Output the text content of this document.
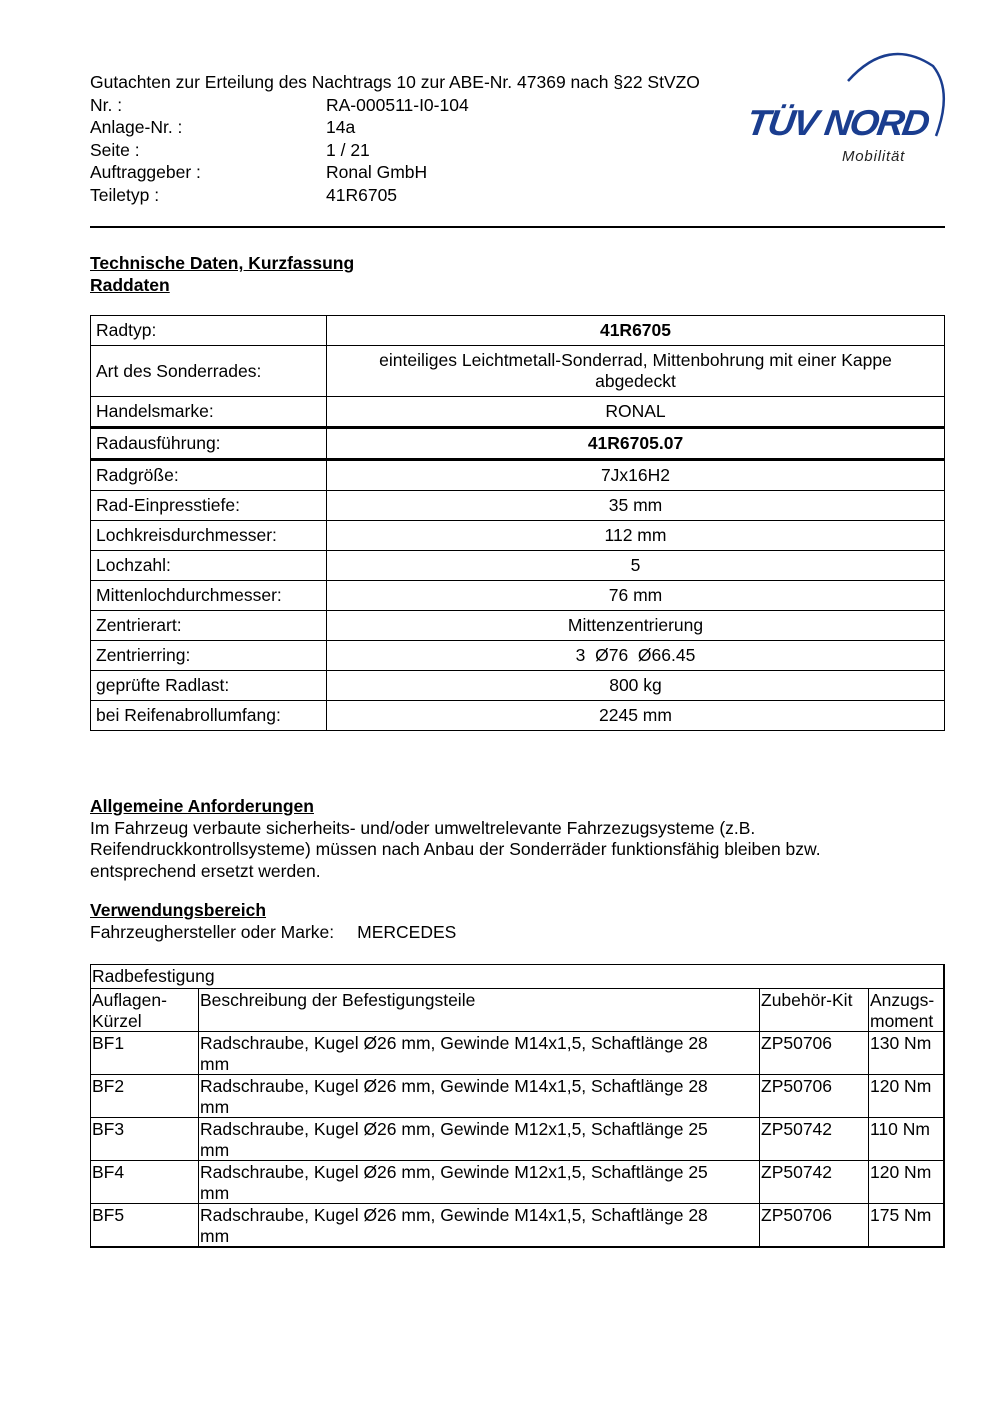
Gutachten zur Erteilung des Nachtrags 10 zur ABE-Nr. 47369 nach §22 StVZO
Nr. :	RA-000511-I0-104
Anlage-Nr. :	14a
Seite :	1 / 21
Auftraggeber :	Ronal GmbH
Teiletyp :	41R6705
TÜV NORD
Mobilität
Technische Daten, Kurzfassung
Raddaten
Radtyp:	41R6705
Art des Sonderrades:	einteiliges Leichtmetall-Sonderrad, Mittenbohrung mit einer Kappe abgedeckt
Handelsmarke:	RONAL
Radausführung:	41R6705.07
Radgröße:	7Jx16H2
Rad-Einpresstiefe:	35 mm
Lochkreisdurchmesser:	112 mm
Lochzahl:	5
Mittenlochdurchmesser:	76 mm
Zentrierart:	Mittenzentrierung
Zentrierring:	3  Ø76  Ø66.45
geprüfte Radlast:	800 kg
bei Reifenabrollumfang:	2245 mm
Allgemeine Anforderungen
Im Fahrzeug verbaute sicherheits- und/oder umweltrelevante Fahrzezugsysteme (z.B. Reifendruckkontrollsysteme) müssen nach Anbau der Sonderräder funktionsfähig bleiben bzw. entsprechend ersetzt werden.
Verwendungsbereich
Fahrzeughersteller oder Marke: MERCEDES
Radbefestigung			
Auflagen-Kürzel	Beschreibung der Befestigungsteile	Zubehör-Kit	Anzugs-moment
BF1	Radschraube, Kugel Ø26 mm, Gewinde M14x1,5, Schaftlänge 28 mm	ZP50706	130 Nm
BF2	Radschraube, Kugel Ø26 mm, Gewinde M14x1,5, Schaftlänge 28 mm	ZP50706	120 Nm
BF3	Radschraube, Kugel Ø26 mm, Gewinde M12x1,5, Schaftlänge 25 mm	ZP50742	110 Nm
BF4	Radschraube, Kugel Ø26 mm, Gewinde M12x1,5, Schaftlänge 25 mm	ZP50742	120 Nm
BF5	Radschraube, Kugel Ø26 mm, Gewinde M14x1,5, Schaftlänge 28 mm	ZP50706	175 Nm
